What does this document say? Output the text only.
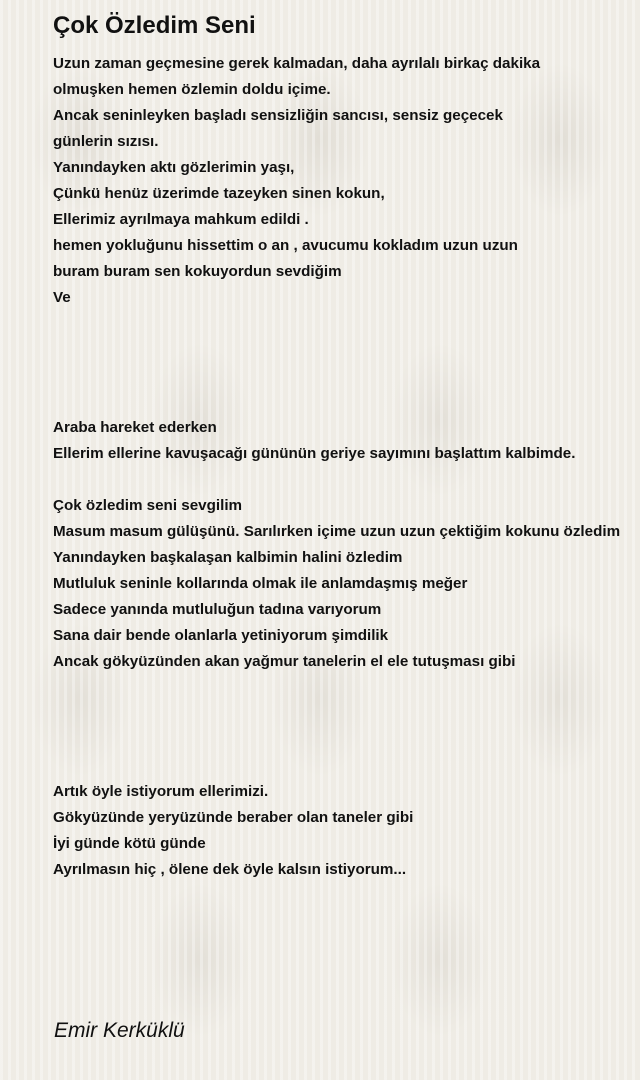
Çok Özledim Seni
Uzun zaman geçmesine gerek kalmadan, daha ayrılalı birkaç dakika
olmuşken hemen özlemin doldu içime.
Ancak seninleyken başladı sensizliğin sancısı, sensiz geçecek
günlerin sızısı.
Yanındayken aktı gözlerimin yaşı,
Çünkü henüz üzerimde tazeyken sinen kokun,
Ellerimiz ayrılmaya mahkum edildi .
hemen yokluğunu hissettim o an , avucumu kokladım uzun uzun
buram buram sen kokuyordun sevdiğim
Ve
Araba hareket ederken
Ellerim ellerine kavuşacağı gününün geriye sayımını başlattım kalbimde.
Çok özledim seni sevgilim
Masum masum gülüşünü. Sarılırken içime uzun uzun çektiğim kokunu özledim
Yanındayken başkalaşan kalbimin halini özledim
Mutluluk seninle kollarında olmak ile anlamdaşmış meğer
Sadece yanında mutluluğun tadına varıyorum
Sana dair bende olanlarla yetiniyorum şimdilik
Ancak gökyüzünden akan yağmur tanelerin el ele tutuşması gibi
Artık öyle istiyorum ellerimizi.
Gökyüzünde yeryüzünde beraber olan taneler gibi
İyi günde kötü günde
Ayrılmasın hiç , ölene dek öyle kalsın istiyorum...
Emir Kerküklü
